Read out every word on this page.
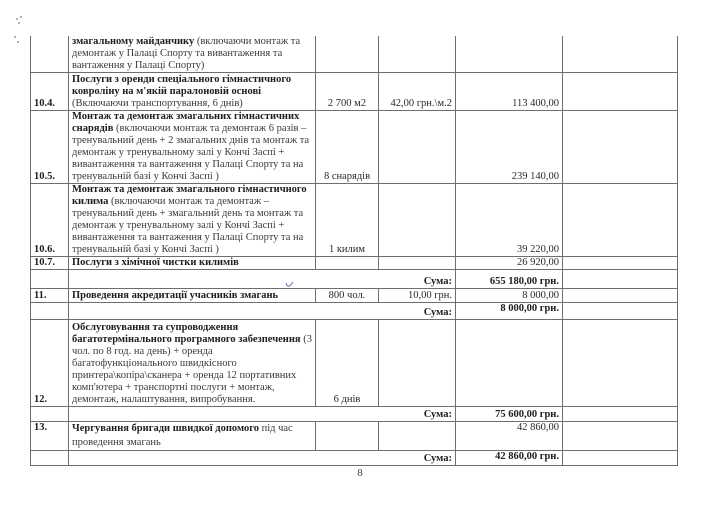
	змагальному майданчику (включаючи монтаж та демонтаж у Палаці Спорту та вивантаження та вантаження у Палаці Спорту)				
10.4.	Послуги з оренди спеціального гімнастичного ковроліну на м'якій паралоновій основі (Включаючи транспортування, 6 днів)	2 700 м2	42,00 грн.\м.2	113 400,00	
10.5.	Монтаж та демонтаж змагальних гімнастичних снарядів (включаючи монтаж та демонтаж 6 разів – тренувальний день + 2 змагальних днів та монтаж та демонтаж у тренувальному залі у Кончі Заспі + вивантаження та вантаження у Палаці Спорту та на тренувальній базі у Кончі Заспі )	8 снарядів		239 140,00	
10.6.	Монтаж та демонтаж змагального гімнастичного килима (включаючи монтаж та демонтаж – тренувальний день + змагальний день та монтаж та демонтаж у тренувальному залі у Кончі Заспі + вивантаження та вантаження у Палаці Спорту та на тренувальній базі у Кончі Заспі )	1 килим		39 220,00	
10.7.	Послуги з хімічної чистки килимів			26 920,00	
	Сума:			655 180,00 грн.	
11.	Проведення акредитації учасників змагань	800 чол.	10,00 грн.	8 000,00	
	Сума:			8 000,00 грн.	
12.	Обслуговування та супроводження багатотермінального програмного забезпечення (3 чол. по 8 год. на день) + оренда багатофункціонального швидкісного принтера\копіра\сканера + оренда 12 портативних комп'ютера + транспортні послуги + монтаж, демонтаж, налаштування, випробування.	6 днів			
	Сума:			75 600,00 грн.	
13.	Чергування бригади швидкої допомого під час проведення змагань			42 860,00	
	Сума:			42 860,00 грн.	
8
